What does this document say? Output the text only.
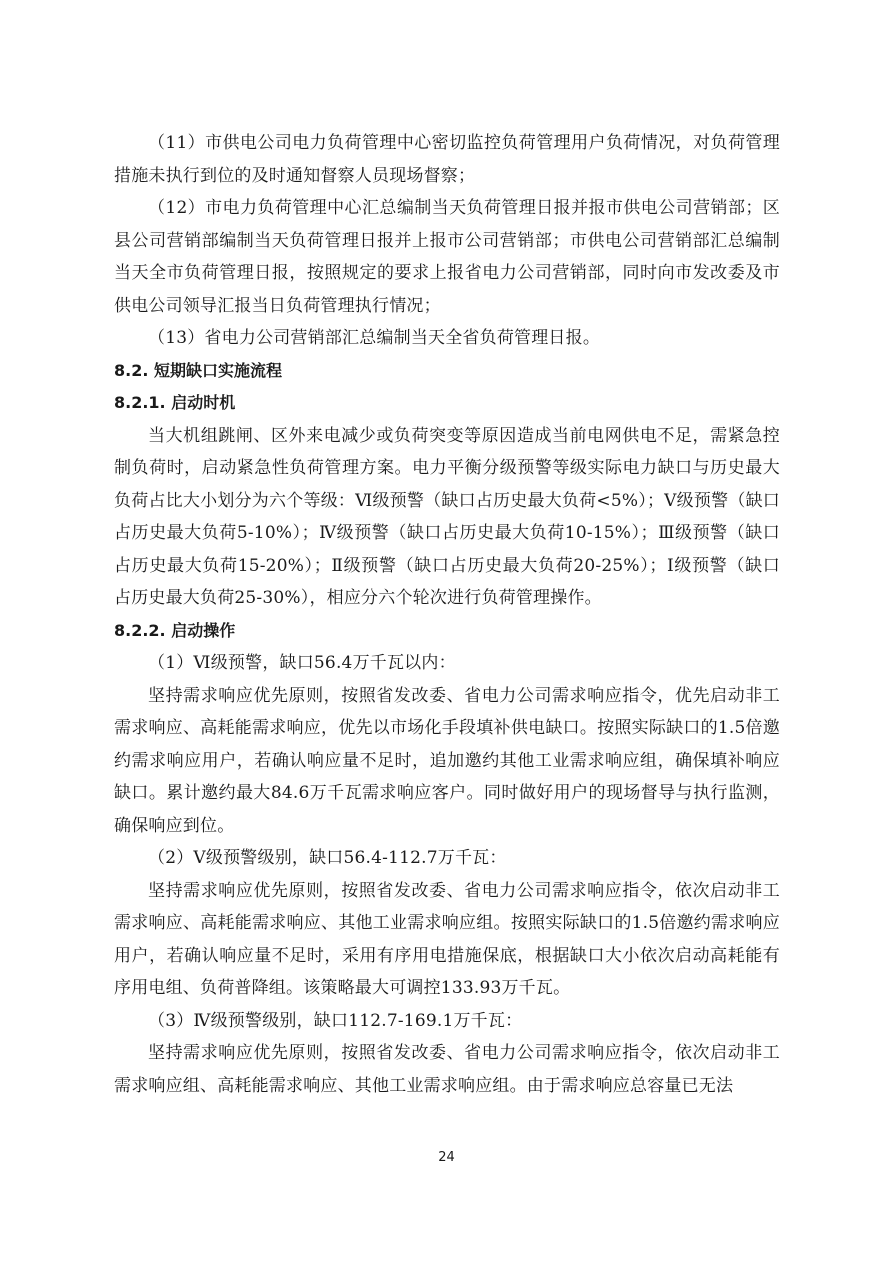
（11）市供电公司电力负荷管理中心密切监控负荷管理用户负荷情况，对负荷管理措施未执行到位的及时通知督察人员现场督察；

（12）市电力负荷管理中心汇总编制当天负荷管理日报并报市供电公司营销部；区县公司营销部编制当天负荷管理日报并上报市公司营销部；市供电公司营销部汇总编制当天全市负荷管理日报，按照规定的要求上报省电力公司营销部，同时向市发改委及市供电公司领导汇报当日负荷管理执行情况；

（13）省电力公司营销部汇总编制当天全省负荷管理日报。

8.2. 短期缺口实施流程
8.2.1. 启动时机

当大机组跳闸、区外来电减少或负荷突变等原因造成当前电网供电不足，需紧急控制负荷时，启动紧急性负荷管理方案。电力平衡分级预警等级实际电力缺口与历史最大负荷占比大小划分为六个等级：Ⅵ级预警（缺口占历史最大负荷<5%）；Ⅴ级预警（缺口占历史最大负荷5-10%）；Ⅳ级预警（缺口占历史最大负荷10-15%）；Ⅲ级预警（缺口占历史最大负荷15-20%）；Ⅱ级预警（缺口占历史最大负荷20-25%）；Ⅰ级预警（缺口占历史最大负荷25-30%），相应分六个轮次进行负荷管理操作。

8.2.2. 启动操作

（1）Ⅵ级预警，缺口56.4万千瓦以内：

坚持需求响应优先原则，按照省发改委、省电力公司需求响应指令，优先启动非工需求响应、高耗能需求响应，优先以市场化手段填补供电缺口。按照实际缺口的1.5倍邀约需求响应用户，若确认响应量不足时，追加邀约其他工业需求响应组，确保填补响应缺口。累计邀约最大84.6万千瓦需求响应客户。同时做好用户的现场督导与执行监测，确保响应到位。

（2）Ⅴ级预警级别，缺口56.4-112.7万千瓦：

坚持需求响应优先原则，按照省发改委、省电力公司需求响应指令，依次启动非工需求响应、高耗能需求响应、其他工业需求响应组。按照实际缺口的1.5倍邀约需求响应用户，若确认响应量不足时，采用有序用电措施保底，根据缺口大小依次启动高耗能有序用电组、负荷普降组。该策略最大可调控133.93万千瓦。

（3）Ⅳ级预警级别，缺口112.7-169.1万千瓦：

坚持需求响应优先原则，按照省发改委、省电力公司需求响应指令，依次启动非工需求响应组、高耗能需求响应、其他工业需求响应组。由于需求响应总容量已无法

24
